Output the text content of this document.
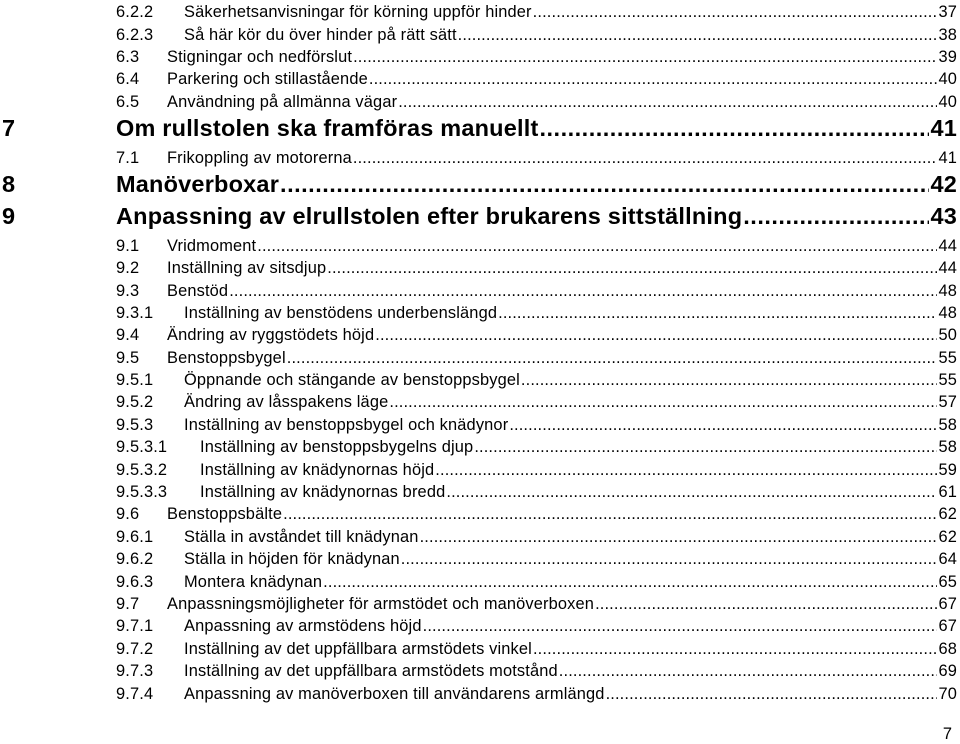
6.2.2 Säkerhetsanvisningar för körning uppför hinder .....	37
6.2.3 Så här kör du över hinder på rätt sätt .....	38
6.3 Stigningar och nedförslut .....	39
6.4 Parkering och stillastående .....	40
6.5 Användning på allmänna vägar .....	40
7	Om rullstolen ska framföras manuellt .....	41
7.1 Frikoppling av motorerna .....	41
8	Manöverboxar .....	42
9	Anpassning av elrullstolen efter brukarens sittställning .....	43
9.1 Vridmoment .....	44
9.2 Inställning av sitsdjup .....	44
9.3 Benstöd .....	48
9.3.1 Inställning av benstödens underbenslängd .....	48
9.4 Ändring av ryggstödets höjd .....	50
9.5 Benstoppsbygel .....	55
9.5.1 Öppnande och stängande av benstoppsbygel .....	55
9.5.2 Ändring av låsspakens läge .....	57
9.5.3 Inställning av benstoppsbygel och knädynor .....	58
9.5.3.1 Inställning av benstoppsbygelns djup .....	58
9.5.3.2 Inställning av knädynornas höjd .....	59
9.5.3.3 Inställning av knädynornas bredd .....	61
9.6 Benstoppsbälte .....	62
9.6.1 Ställa in avståndet till knädynan .....	62
9.6.2 Ställa in höjden för knädynan .....	64
9.6.3 Montera knädynan .....	65
9.7 Anpassningsmöjligheter för armstödet och manöverboxen .....	67
9.7.1 Anpassning av armstödens höjd .....	67
9.7.2 Inställning av det uppfällbara armstödets vinkel .....	68
9.7.3 Inställning av det uppfällbara armstödets motstånd .....	69
9.7.4 Anpassning av manöverboxen till användarens armlängd .....	70
7
